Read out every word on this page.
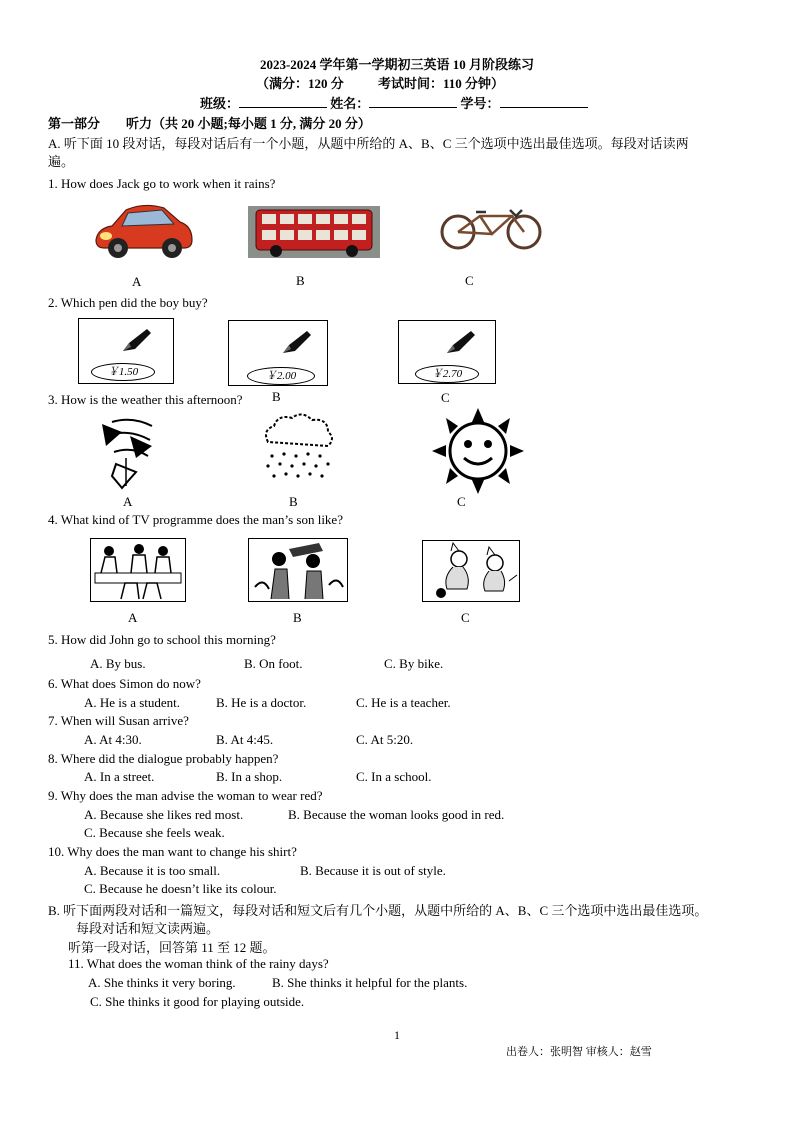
2023-2024 学年第一学期初三英语 10 月阶段练习
（满分：120 分	考试时间：110 分钟）
班级：	姓名：	学号：
第一部分 听力（共 20 小题;每小题 1 分, 满分 20 分）
A. 听下面 10 段对话，每段对话后有一个小题，从题中所给的 A、B、C 三个选项中选出最佳选项。每段对话读两
遍。
1. How does Jack go to work when it rains?
A	B	C
2. Which pen did the boy buy?
￥1.50	￥2.00	￥2.70
B	C
3. How is the weather this afternoon?
A	B	C
4. What kind of TV programme does the man’s son like?
A	B	C
5. How did John go to school this morning?
A. By bus.	B. On foot.	C. By bike.
6. What does Simon do now?
A. He is a student.	B. He is a doctor.	C. He is a teacher.
7. When will Susan arrive?
A. At 4:30.	B. At 4:45.	C. At 5:20.
8. Where did the dialogue probably happen?
A. In a street.	B. In a shop.	C. In a school.
9. Why does the man advise the woman to wear red?
A. Because she likes red most.	B. Because the woman looks good in red.
C. Because she feels weak.
10. Why does the man want to change his shirt?
A. Because it is too small.	B. Because it is out of style.
C. Because he doesn’t like its colour.
B. 听下面两段对话和一篇短文，每段对话和短文后有几个小题，从题中所给的 A、B、C 三个选项中选出最佳选项。
每段对话和短文读两遍。
听第一段对话，回答第 11 至 12 题。
11. What does the woman think of the rainy days?
A. She thinks it very boring.	B. She thinks it helpful for the plants.
C. She thinks it good for playing outside.
1
出卷人：张明智 审核人：赵雪
